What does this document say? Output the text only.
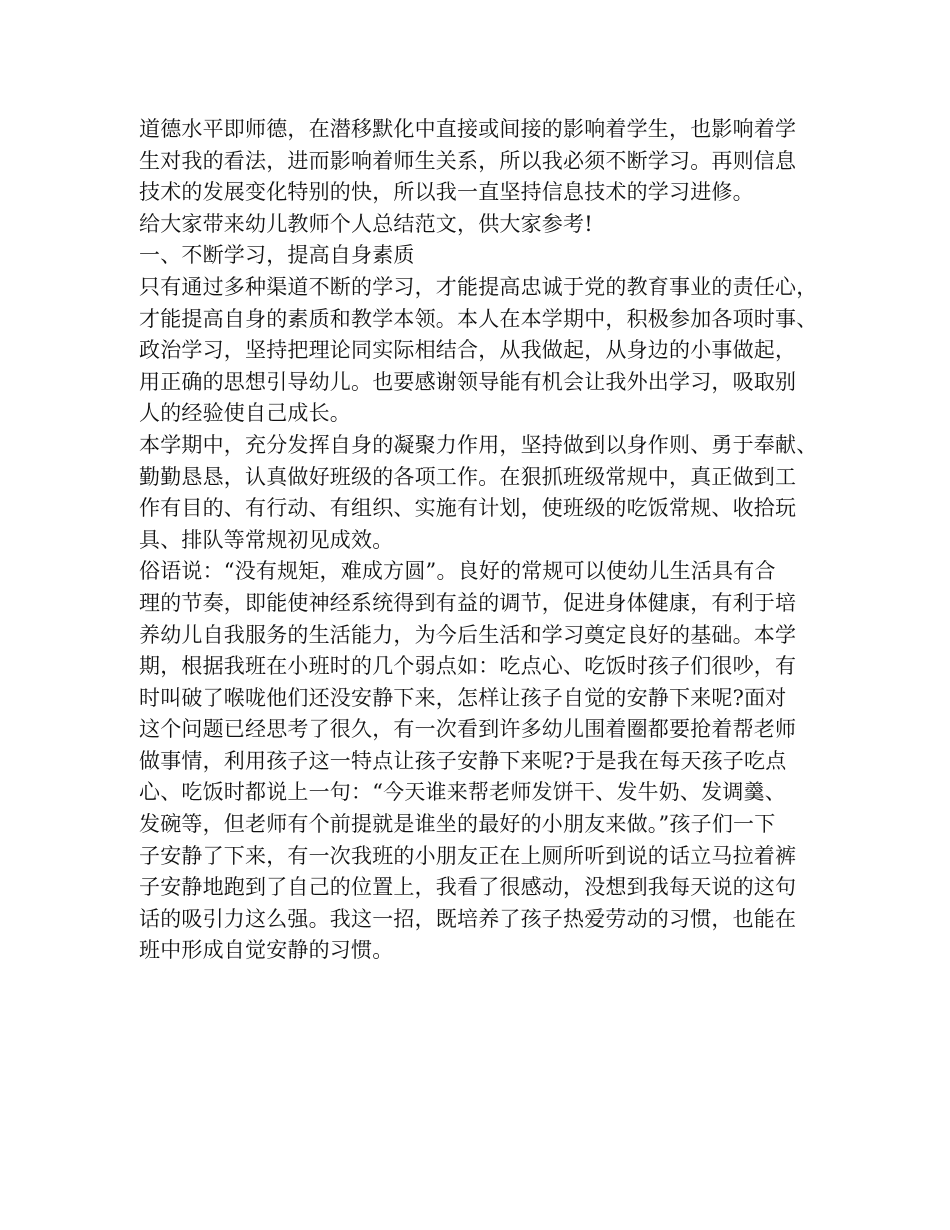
道德水平即师德，在潜移默化中直接或间接的影响着学生，也影响着学
生对我的看法，进而影响着师生关系，所以我必须不断学习。再则信息
技术的发展变化特别的快，所以我一直坚持信息技术的学习进修。
给大家带来幼儿教师个人总结范文，供大家参考!
一、不断学习，提高自身素质
只有通过多种渠道不断的学习，才能提高忠诚于党的教育事业的责任心，
才能提高自身的素质和教学本领。本人在本学期中，积极参加各项时事、
政治学习，坚持把理论同实际相结合，从我做起，从身边的小事做起，
用正确的思想引导幼儿。也要感谢领导能有机会让我外出学习，吸取别
人的经验使自己成长。
本学期中，充分发挥自身的凝聚力作用，坚持做到以身作则、勇于奉献、
勤勤恳恳，认真做好班级的各项工作。在狠抓班级常规中，真正做到工
作有目的、有行动、有组织、实施有计划，使班级的吃饭常规、收拾玩
具、排队等常规初见成效。
俗语说：“没有规矩，难成方圆”。良好的常规可以使幼儿生活具有合
理的节奏，即能使神经系统得到有益的调节，促进身体健康，有利于培
养幼儿自我服务的生活能力，为今后生活和学习奠定良好的基础。本学
期，根据我班在小班时的几个弱点如：吃点心、吃饭时孩子们很吵，有
时叫破了喉咙他们还没安静下来，怎样让孩子自觉的安静下来呢?面对
这个问题已经思考了很久，有一次看到许多幼儿围着圈都要抢着帮老师
做事情，利用孩子这一特点让孩子安静下来呢?于是我在每天孩子吃点
心、吃饭时都说上一句：“今天谁来帮老师发饼干、发牛奶、发调羹、
发碗等，但老师有个前提就是谁坐的最好的小朋友来做。”孩子们一下
子安静了下来，有一次我班的小朋友正在上厕所听到说的话立马拉着裤
子安静地跑到了自己的位置上，我看了很感动，没想到我每天说的这句
话的吸引力这么强。我这一招，既培养了孩子热爱劳动的习惯，也能在
班中形成自觉安静的习惯。
